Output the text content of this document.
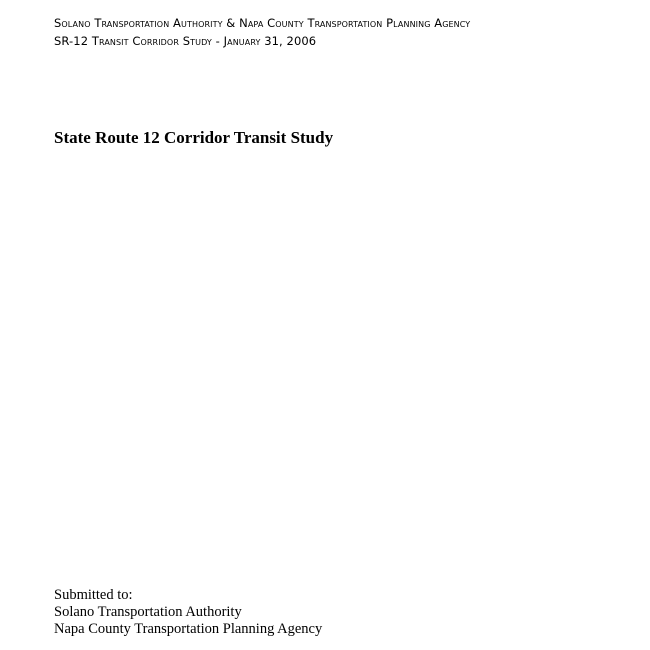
Solano Transportation Authority & Napa County Transportation Planning Agency
SR-12 Transit Corridor Study - January 31, 2006
State Route 12 Corridor Transit Study
Submitted to:
Solano Transportation Authority
Napa County Transportation Planning Agency
